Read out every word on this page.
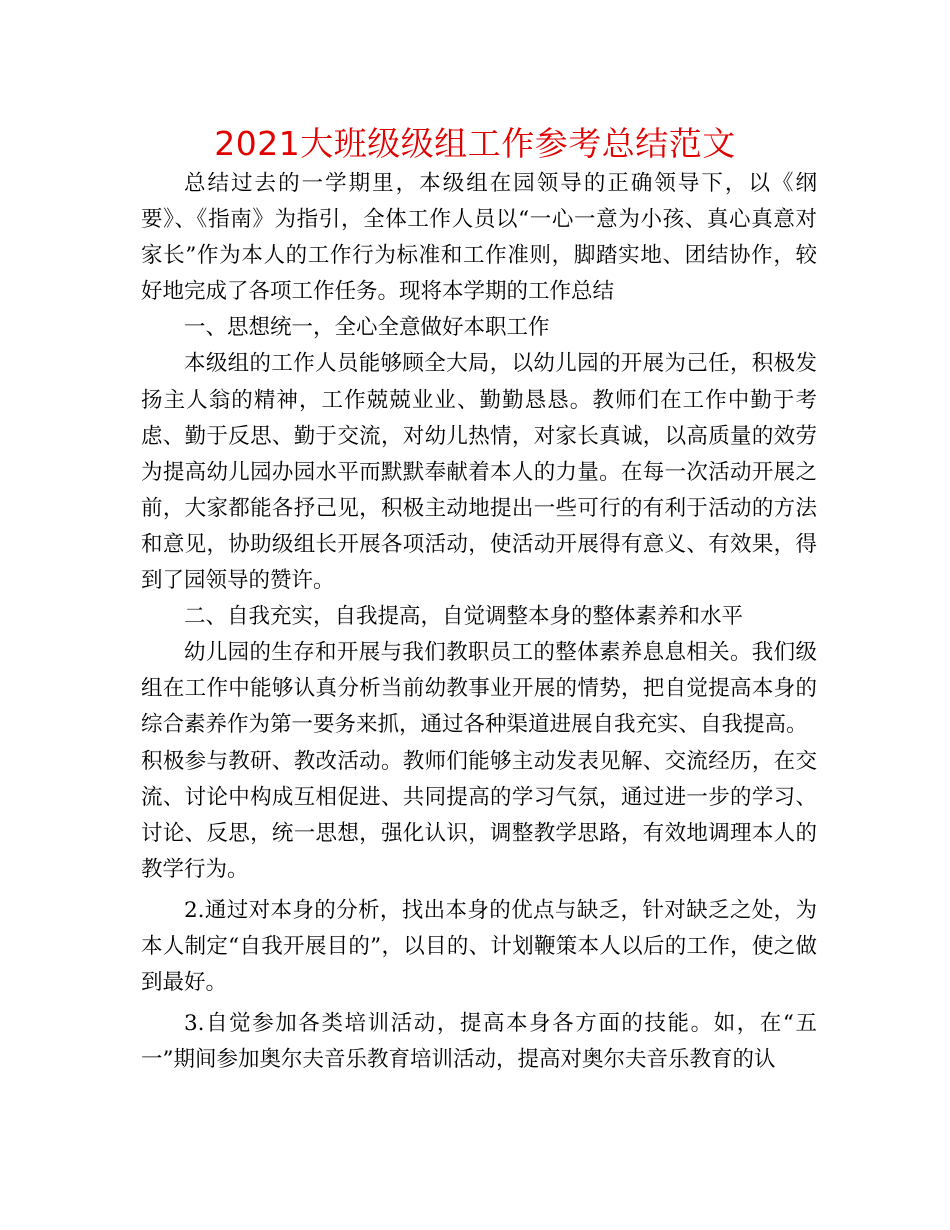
2021大班级级组工作参考总结范文

总结过去的一学期里，本级组在园领导的正确领导下，以《纲要》、《指南》为指引，全体工作人员以“一心一意为小孩、真心真意对家长”作为本人的工作行为标准和工作准则，脚踏实地、团结协作，较好地完成了各项工作任务。现将本学期的工作总结

一、思想统一，全心全意做好本职工作

本级组的工作人员能够顾全大局，以幼儿园的开展为己任，积极发扬主人翁的精神，工作兢兢业业、勤勤恳恳。教师们在工作中勤于考虑、勤于反思、勤于交流，对幼儿热情，对家长真诚，以高质量的效劳为提高幼儿园办园水平而默默奉献着本人的力量。在每一次活动开展之前，大家都能各抒己见，积极主动地提出一些可行的有利于活动的方法和意见，协助级组长开展各项活动，使活动开展得有意义、有效果，得到了园领导的赞许。

二、自我充实，自我提高，自觉调整本身的整体素养和水平

幼儿园的生存和开展与我们教职员工的整体素养息息相关。我们级组在工作中能够认真分析当前幼教事业开展的情势，把自觉提高本身的综合素养作为第一要务来抓，通过各种渠道进展自我充实、自我提高。

积极参与教研、教改活动。教师们能够主动发表见解、交流经历，在交流、讨论中构成互相促进、共同提高的学习气氛，通过进一步的学习、讨论、反思，统一思想，强化认识，调整教学思路，有效地调理本人的教学行为。

2.通过对本身的分析，找出本身的优点与缺乏，针对缺乏之处，为本人制定“自我开展目的”，以目的、计划鞭策本人以后的工作，使之做到最好。

3.自觉参加各类培训活动，提高本身各方面的技能。如，在“五一”期间参加奥尔夫音乐教育培训活动，提高对奥尔夫音乐教育的认
